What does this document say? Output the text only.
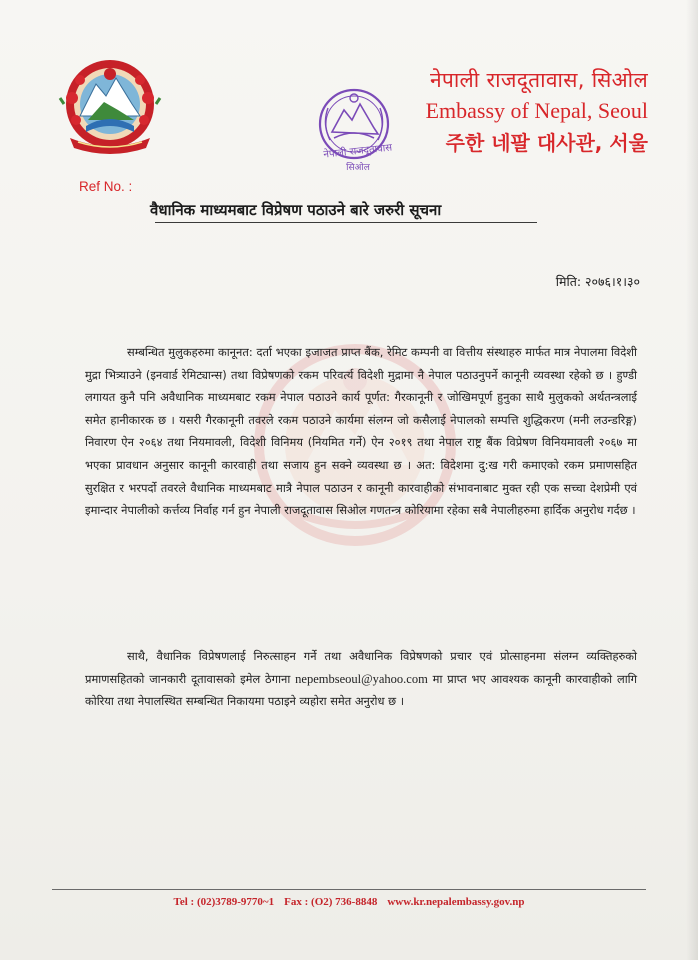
नेपाली राजदूतावास
सिओल
नेपाली राजदूतावास, सिओल
Embassy of Nepal, Seoul
주한 네팔 대사관, 서울
Ref No. :
वैधानिक माध्यमबाट विप्रेषण पठाउने बारे जरुरी सूचना
मिति: २०७६।१।३०
सम्बन्धित मुलुकहरुमा कानूनत: दर्ता भएका इजाजत प्राप्त बैंक, रेमिट कम्पनी वा वित्तीय संस्थाहरु मार्फत मात्र नेपालमा विदेशी मुद्रा भित्र्याउने (इनवार्ड रेमिट्यान्स) तथा विप्रेषणको रकम परिवर्त्य विदेशी मुद्रामा नै नेपाल पठाउनुपर्ने कानूनी व्यवस्था रहेको छ । हुण्डी लगायत कुनै पनि अवैधानिक माध्यमबाट रकम नेपाल पठाउने कार्य पूर्णत: गैरकानूनी र जोखिमपूर्ण हुनुका साथै मुलुकको अर्थतन्त्रलाई समेत हानीकारक छ । यसरी गैरकानूनी तवरले रकम पठाउने कार्यमा संलग्न जो कसैलाई नेपालको सम्पत्ति शुद्धिकरण (मनी लउन्डरिङ्ग) निवारण ऐन २०६४ तथा नियमावली, विदेशी विनिमय (नियमित गर्ने) ऐन २०१९ तथा नेपाल राष्ट्र बैंक विप्रेषण विनियमावली २०६७ मा भएका प्रावधान अनुसार कानूनी कारवाही तथा सजाय हुन सक्ने व्यवस्था छ । अत: विदेशमा दु:ख गरी कमाएको रकम प्रमाणसहित सुरक्षित र भरपर्दो तवरले वैधानिक माध्यमबाट मात्रै नेपाल पठाउन र कानूनी कारवाहीको संभावनाबाट मुक्त रही एक सच्चा देशप्रेमी एवं इमान्दार नेपालीको कर्त्तव्य निर्वाह गर्न हुन नेपाली राजदूतावास सिओल गणतन्त्र कोरियामा रहेका सबै नेपालीहरुमा हार्दिक अनुरोध गर्दछ ।
साथै, वैधानिक विप्रेषणलाई निरुत्साहन गर्ने तथा अवैधानिक विप्रेषणको प्रचार एवं प्रोत्साहनमा संलग्न व्यक्तिहरुको प्रमाणसहितको जानकारी दूतावासको इमेल ठेगाना nepembseoul@yahoo.com मा प्राप्त भए आवश्यक कानूनी कारवाहीको लागि कोरिया तथा नेपालस्थित सम्बन्धित निकायमा पठाइने व्यहोरा समेत अनुरोध छ ।
Tel : (02)3789-9770~1 Fax : (O2) 736-8848 www.kr.nepalembassy.gov.np
